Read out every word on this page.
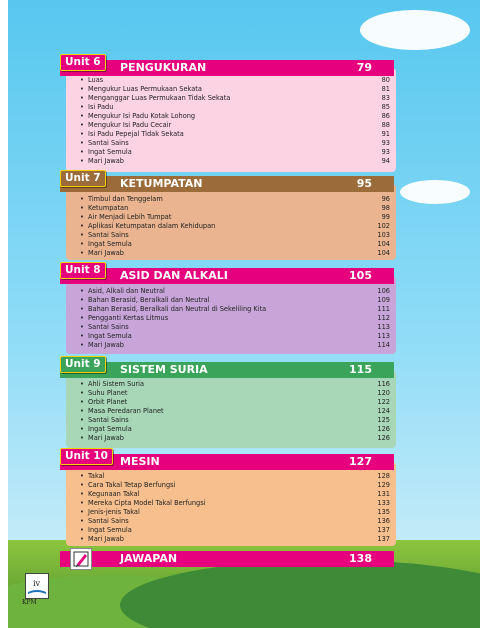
PENGUKURAN	79
Unit 6
• Luas	80
• Mengukur Luas Permukaan Sekata	81
• Menganggar Luas Permukaan Tidak Sekata	83
• Isi Padu	85
• Mengukur Isi Padu Kotak Lohong	86
• Mengukur Isi Padu Cecair	88
• Isi Padu Pepejal Tidak Sekata	91
• Santai Sains	93
• Ingat Semula	93
• Mari Jawab	94
KETUMPATAN	95
Unit 7
• Timbul dan Tenggelam	96
• Ketumpatan	98
• Air Menjadi Lebih Tumpat	99
• Aplikasi Ketumpatan dalam Kehidupan	102
• Santai Sains	103
• Ingat Semula	104
• Mari Jawab	104
ASID DAN ALKALI	105
Unit 8
• Asid, Alkali dan Neutral	106
• Bahan Berasid, Beralkali dan Neutral	109
• Bahan Berasid, Beralkali dan Neutral di Sekeliling Kita	111
• Pengganti Kertas Litmus	112
• Santai Sains	113
• Ingat Semula	113
• Mari Jawab	114
SISTEM SURIA	115
Unit 9
• Ahli Sistem Suria	116
• Suhu Planet	120
• Orbit Planet	122
• Masa Peredaran Planet	124
• Santai Sains	125
• Ingat Semula	126
• Mari Jawab	126
MESIN	127
Unit 10
• Takal	128
• Cara Takal Tetap Berfungsi	129
• Kegunaan Takal	131
• Mereka Cipta Model Takal Berfungsi	133
• Jenis-jenis Takal	135
• Santai Sains	136
• Ingat Semula	137
• Mari Jawab	137
JAWAPAN	138
iv
KPM
